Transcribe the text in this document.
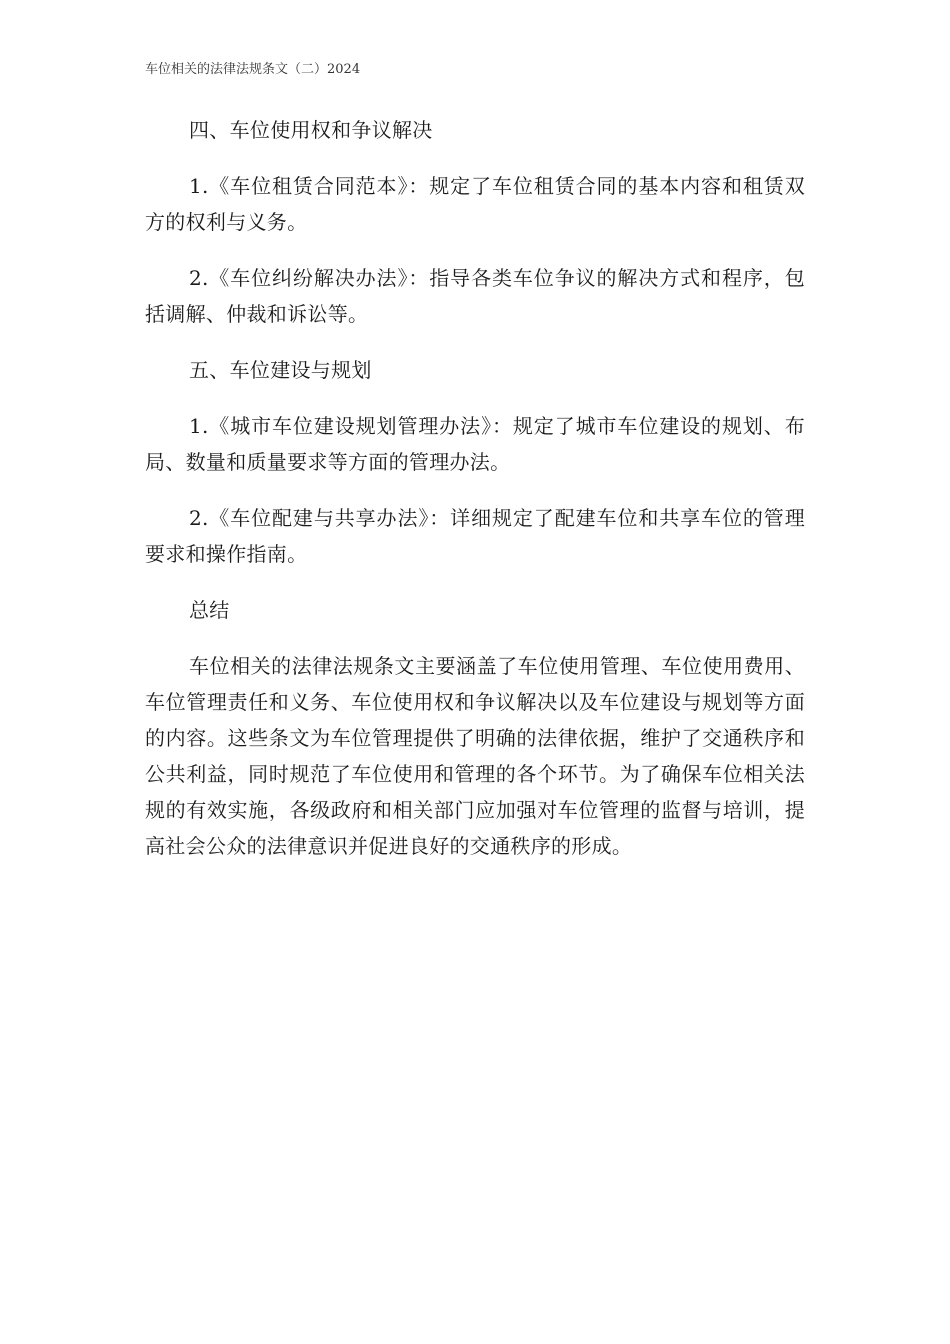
车位相关的法律法规条文（二）2024

四、车位使用权和争议解决

1.《车位租赁合同范本》：规定了车位租赁合同的基本内容和租赁双方的权利与义务。

2.《车位纠纷解决办法》：指导各类车位争议的解决方式和程序，包括调解、仲裁和诉讼等。

五、车位建设与规划

1.《城市车位建设规划管理办法》：规定了城市车位建设的规划、布局、数量和质量要求等方面的管理办法。

2.《车位配建与共享办法》：详细规定了配建车位和共享车位的管理要求和操作指南。

总结

车位相关的法律法规条文主要涵盖了车位使用管理、车位使用费用、车位管理责任和义务、车位使用权和争议解决以及车位建设与规划等方面的内容。这些条文为车位管理提供了明确的法律依据，维护了交通秩序和公共利益，同时规范了车位使用和管理的各个环节。为了确保车位相关法规的有效实施，各级政府和相关部门应加强对车位管理的监督与培训，提高社会公众的法律意识并促进良好的交通秩序的形成。
